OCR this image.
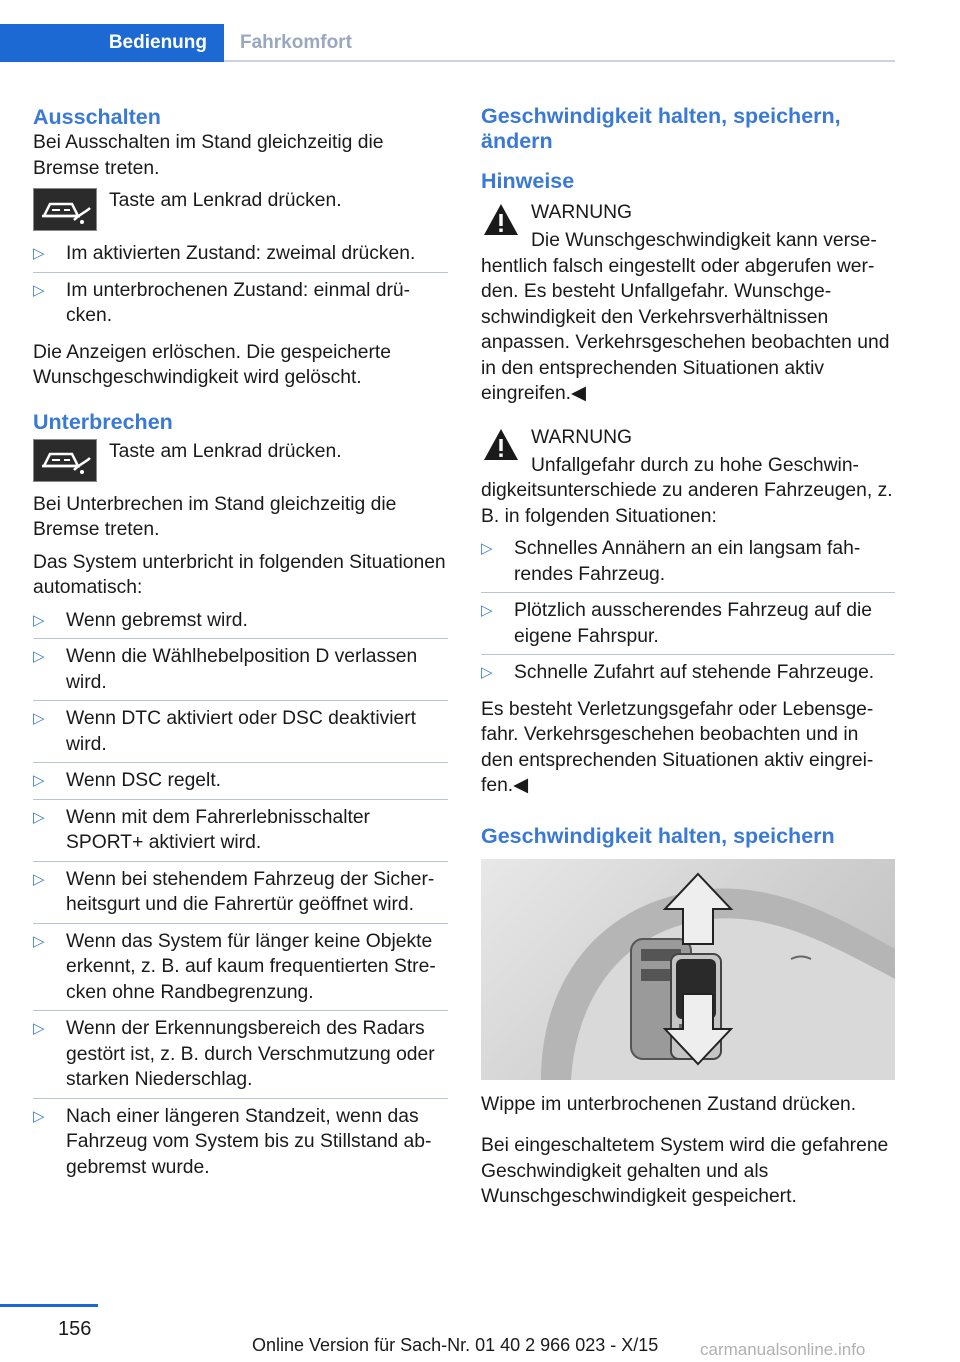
Bedienung	Fahrkomfort
Ausschalten

Bei Ausschalten im Stand gleichzeitig die Bremse treten.

Taste am Lenkrad drücken.
▷ Im aktivierten Zustand: zweimal drücken.
▷ Im unterbrochenen Zustand: einmal drücken.

Die Anzeigen erlöschen. Die gespeicherte Wunschgeschwindigkeit wird gelöscht.

Unterbrechen
Taste am Lenkrad drücken.

Bei Unterbrechen im Stand gleichzeitig die Bremse treten.

Das System unterbricht in folgenden Situationen automatisch:

▷ Wenn gebremst wird.
▷ Wenn die Wählhebelposition D verlassen wird.
▷ Wenn DTC aktiviert oder DSC deaktiviert wird.
▷ Wenn DSC regelt.
▷ Wenn mit dem Fahrerlebnisschalter SPORT+ aktiviert wird.
▷ Wenn bei stehendem Fahrzeug der Sicherheitsgurt und die Fahrertür geöffnet wird.
▷ Wenn das System für länger keine Objekte erkennt, z. B. auf kaum frequentierten Strecken ohne Randbegrenzung.
▷ Wenn der Erkennungsbereich des Radars gestört ist, z. B. durch Verschmutzung oder starken Niederschlag.
▷ Nach einer längeren Standzeit, wenn das Fahrzeug vom System bis zu Stillstand abgebremst wurde.
Geschwindigkeit halten, speichern, ändern
Hinweise
WARNUNG

Die Wunschgeschwindigkeit kann versehentlich falsch eingestellt oder abgerufen werden. Es besteht Unfallgefahr. Wunschgeschwindigkeit den Verkehrsverhältnissen anpassen. Verkehrsgeschehen beobachten und in den entsprechenden Situationen aktiv eingreifen.◀

WARNUNG

Unfallgefahr durch zu hohe Geschwindigkeitsunterschiede zu anderen Fahrzeugen, z. B. in folgenden Situationen:

▷ Schnelles Annähern an ein langsam fahrendes Fahrzeug.
▷ Plötzlich ausscherendes Fahrzeug auf die eigene Fahrspur.
▷ Schnelle Zufahrt auf stehende Fahrzeuge.

Es besteht Verletzungsgefahr oder Lebensgefahr. Verkehrsgeschehen beobachten und in den entsprechenden Situationen aktiv eingreifen.◀

Geschwindigkeit halten, speichern

Wippe im unterbrochenen Zustand drücken.

Bei eingeschaltetem System wird die gefahrene Geschwindigkeit gehalten und als Wunschgeschwindigkeit gespeichert.

156
Online Version für Sach-Nr. 01 40 2 966 023 - X/15 carmanualsonline.info
